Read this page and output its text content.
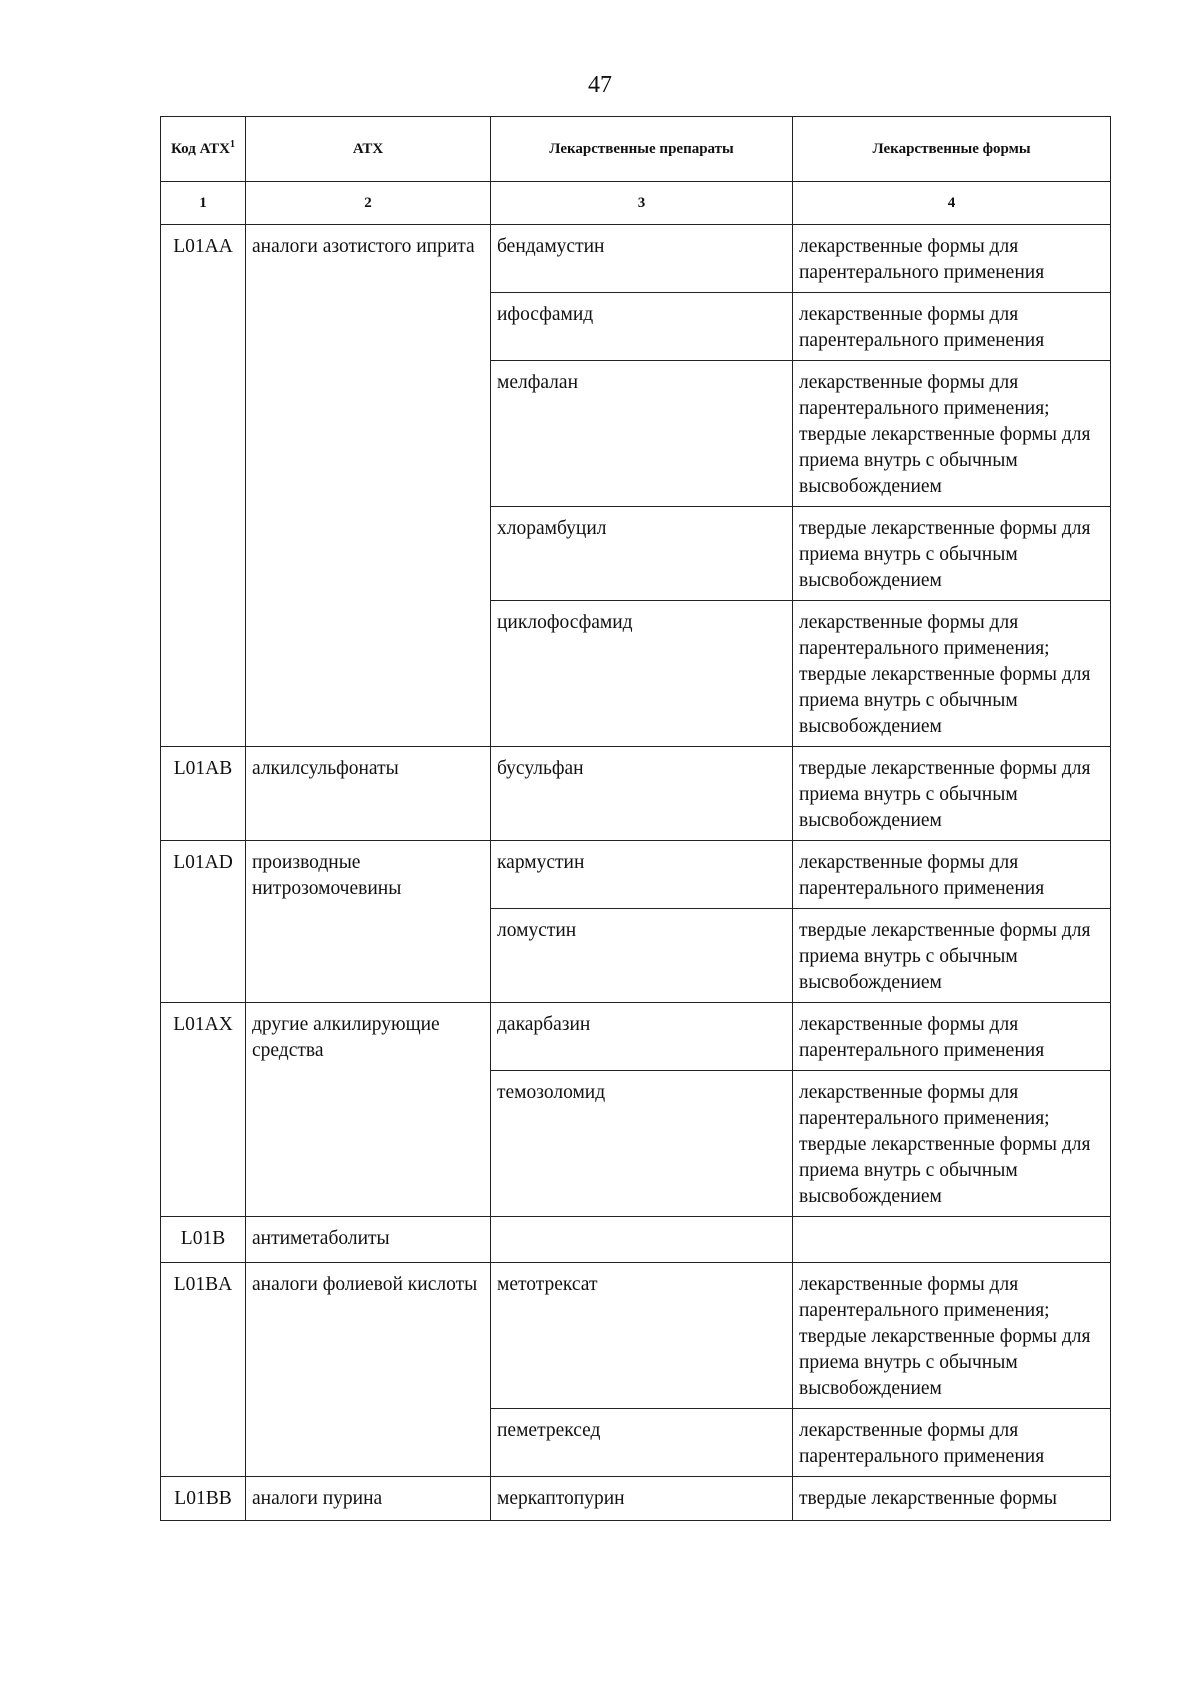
47
Код АТХ$^1$	АТХ	Лекарственные препараты	Лекарственные формы
1	2	3	4
L01AA	аналоги азотистого иприта	бендамустин	лекарственные формы для парентерального применения
		ифосфамид	лекарственные формы для парентерального применения
		мелфалан	лекарственные формы для парентерального применения; твердые лекарственные формы для приема внутрь с обычным высвобождением
		хлорамбуцил	твердые лекарственные формы для приема внутрь с обычным высвобождением
		циклофосфамид	лекарственные формы для парентерального применения; твердые лекарственные формы для приема внутрь с обычным высвобождением
L01AB	алкилсульфонаты	бусульфан	твердые лекарственные формы для приема внутрь с обычным высвобождением
L01AD	производные нитрозомочевины	кармустин	лекарственные формы для парентерального применения
		ломустин	твердые лекарственные формы для приема внутрь с обычным высвобождением
L01AX	другие алкилирующие средства	дакарбазин	лекарственные формы для парентерального применения
		темозоломид	лекарственные формы для парентерального применения; твердые лекарственные формы для приема внутрь с обычным высвобождением
L01B	антиметаболиты		
L01BA	аналоги фолиевой кислоты	метотрексат	лекарственные формы для парентерального применения; твердые лекарственные формы для приема внутрь с обычным высвобождением
		пеметрексед	лекарственные формы для парентерального применения
L01BB	аналоги пурина	меркаптопурин	твердые лекарственные формы
